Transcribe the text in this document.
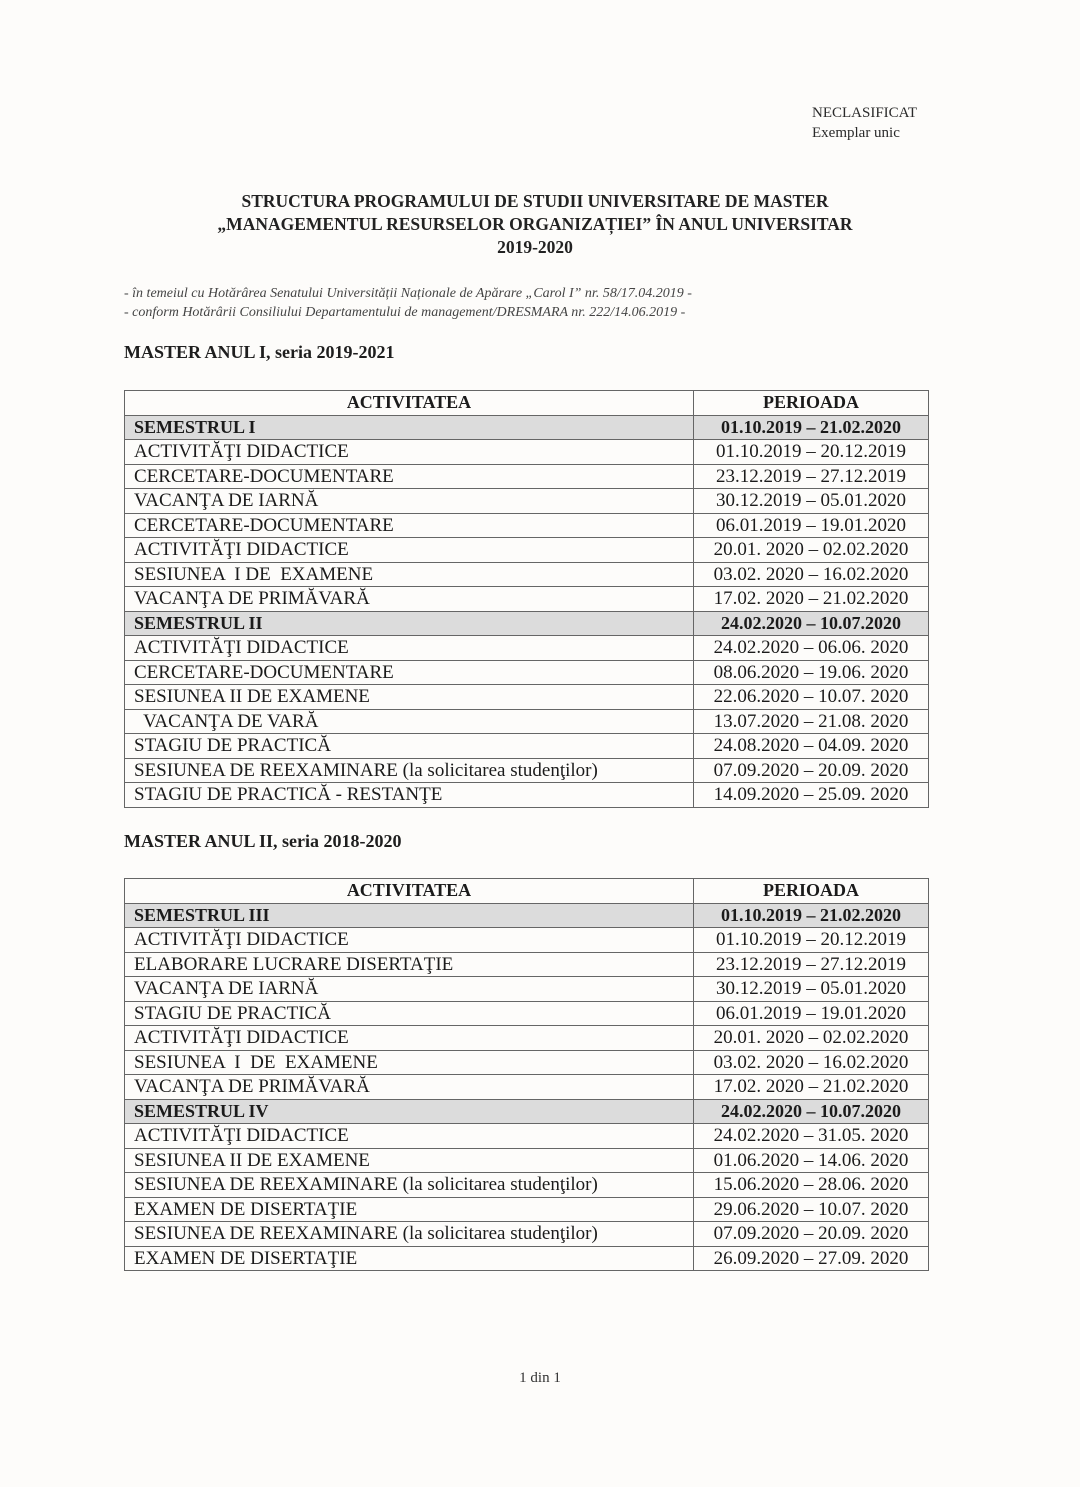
NECLASIFICAT
Exemplar unic
STRUCTURA PROGRAMULUI DE STUDII UNIVERSITARE DE MASTER
„MANAGEMENTUL RESURSELOR ORGANIZAȚIEI” ÎN ANUL UNIVERSITAR
2019-2020
- în temeiul cu Hotărârea Senatului Universității Naționale de Apărare „Carol I” nr. 58/17.04.2019 -
- conform Hotărârii Consiliului Departamentului de management/DRESMARA nr. 222/14.06.2019 -
MASTER ANUL I, seria 2019-2021
ACTIVITATEA	PERIOADA
SEMESTRUL I	01.10.2019 – 21.02.2020
ACTIVITĂŢI DIDACTICE	01.10.2019 – 20.12.2019
CERCETARE-DOCUMENTARE	23.12.2019 – 27.12.2019
VACANŢA DE IARNĂ	30.12.2019 – 05.01.2020
CERCETARE-DOCUMENTARE	06.01.2019 – 19.01.2020
ACTIVITĂŢI DIDACTICE	20.01. 2020 – 02.02.2020
SESIUNEA  I DE  EXAMENE	03.02. 2020 – 16.02.2020
VACANŢA DE PRIMĂVARĂ	17.02. 2020 – 21.02.2020
SEMESTRUL II	24.02.2020 – 10.07.2020
ACTIVITĂŢI DIDACTICE	24.02.2020 – 06.06. 2020
CERCETARE-DOCUMENTARE	08.06.2020 – 19.06. 2020
SESIUNEA II DE EXAMENE	22.06.2020 – 10.07. 2020
VACANŢA DE VARĂ	13.07.2020 – 21.08. 2020
STAGIU DE PRACTICĂ	24.08.2020 – 04.09. 2020
SESIUNEA DE REEXAMINARE (la solicitarea studenţilor)	07.09.2020 – 20.09. 2020
STAGIU DE PRACTICĂ - RESTANŢE	14.09.2020 – 25.09. 2020
MASTER ANUL II, seria 2018-2020
ACTIVITATEA	PERIOADA
SEMESTRUL III	01.10.2019 – 21.02.2020
ACTIVITĂŢI DIDACTICE	01.10.2019 – 20.12.2019
ELABORARE LUCRARE DISERTAŢIE	23.12.2019 – 27.12.2019
VACANŢA DE IARNĂ	30.12.2019 – 05.01.2020
STAGIU DE PRACTICĂ	06.01.2019 – 19.01.2020
ACTIVITĂŢI DIDACTICE	20.01. 2020 – 02.02.2020
SESIUNEA  I  DE  EXAMENE	03.02. 2020 – 16.02.2020
VACANŢA DE PRIMĂVARĂ	17.02. 2020 – 21.02.2020
SEMESTRUL IV	24.02.2020 – 10.07.2020
ACTIVITĂŢI DIDACTICE	24.02.2020 – 31.05. 2020
SESIUNEA II DE EXAMENE	01.06.2020 – 14.06. 2020
SESIUNEA DE REEXAMINARE (la solicitarea studenţilor)	15.06.2020 – 28.06. 2020
EXAMEN DE DISERTAŢIE	29.06.2020 – 10.07. 2020
SESIUNEA DE REEXAMINARE (la solicitarea studenţilor)	07.09.2020 – 20.09. 2020
EXAMEN DE DISERTAŢIE	26.09.2020 – 27.09. 2020
1 din 1
